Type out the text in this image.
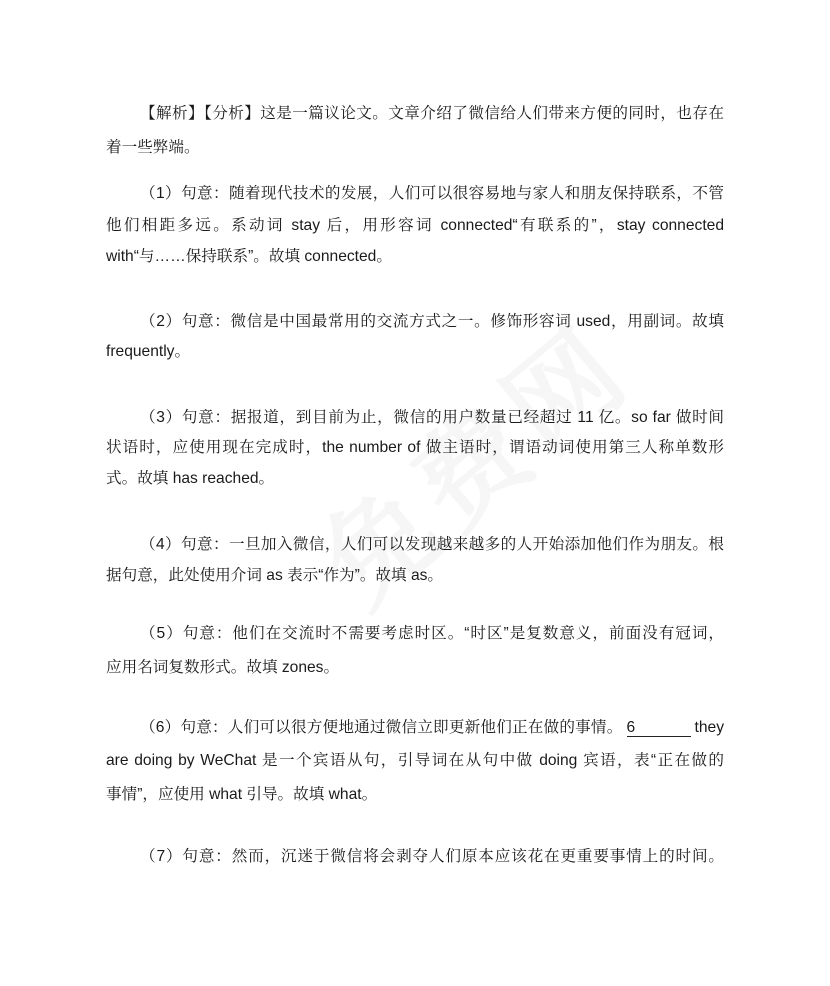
【解析】【分析】这是一篇议论文。文章介绍了微信给人们带来方便的同时，也存在
着一些弊端。
（1）句意：随着现代技术的发展，人们可以很容易地与家人和朋友保持联系，不管
他们相距多远。系动词 stay 后，用形容词 connected“有联系的”，stay connected
with“与……保持联系”。故填 connected。
（2）句意：微信是中国最常用的交流方式之一。修饰形容词 used，用副词。故填
frequently。
（3）句意：据报道，到目前为止，微信的用户数量已经超过 11 亿。so far 做时间
状语时，应使用现在完成时，the number of 做主语时，谓语动词使用第三人称单数形
式。故填 has reached。
（4）句意：一旦加入微信，人们可以发现越来越多的人开始添加他们作为朋友。根
据句意，此处使用介词 as 表示“作为”。故填 as。
（5）句意：他们在交流时不需要考虑时区。“时区”是复数意义，前面没有冠词，
应用名词复数形式。故填 zones。
（6）句意：人们可以很方便地通过微信立即更新他们正在做的事情。 6	they
are doing by WeChat 是一个宾语从句，引导词在从句中做 doing 宾语，表“正在做的
事情”，应使用 what 引导。故填 what。
（7）句意：然而，沉迷于微信将会剥夺人们原本应该花在更重要事情上的时间。
